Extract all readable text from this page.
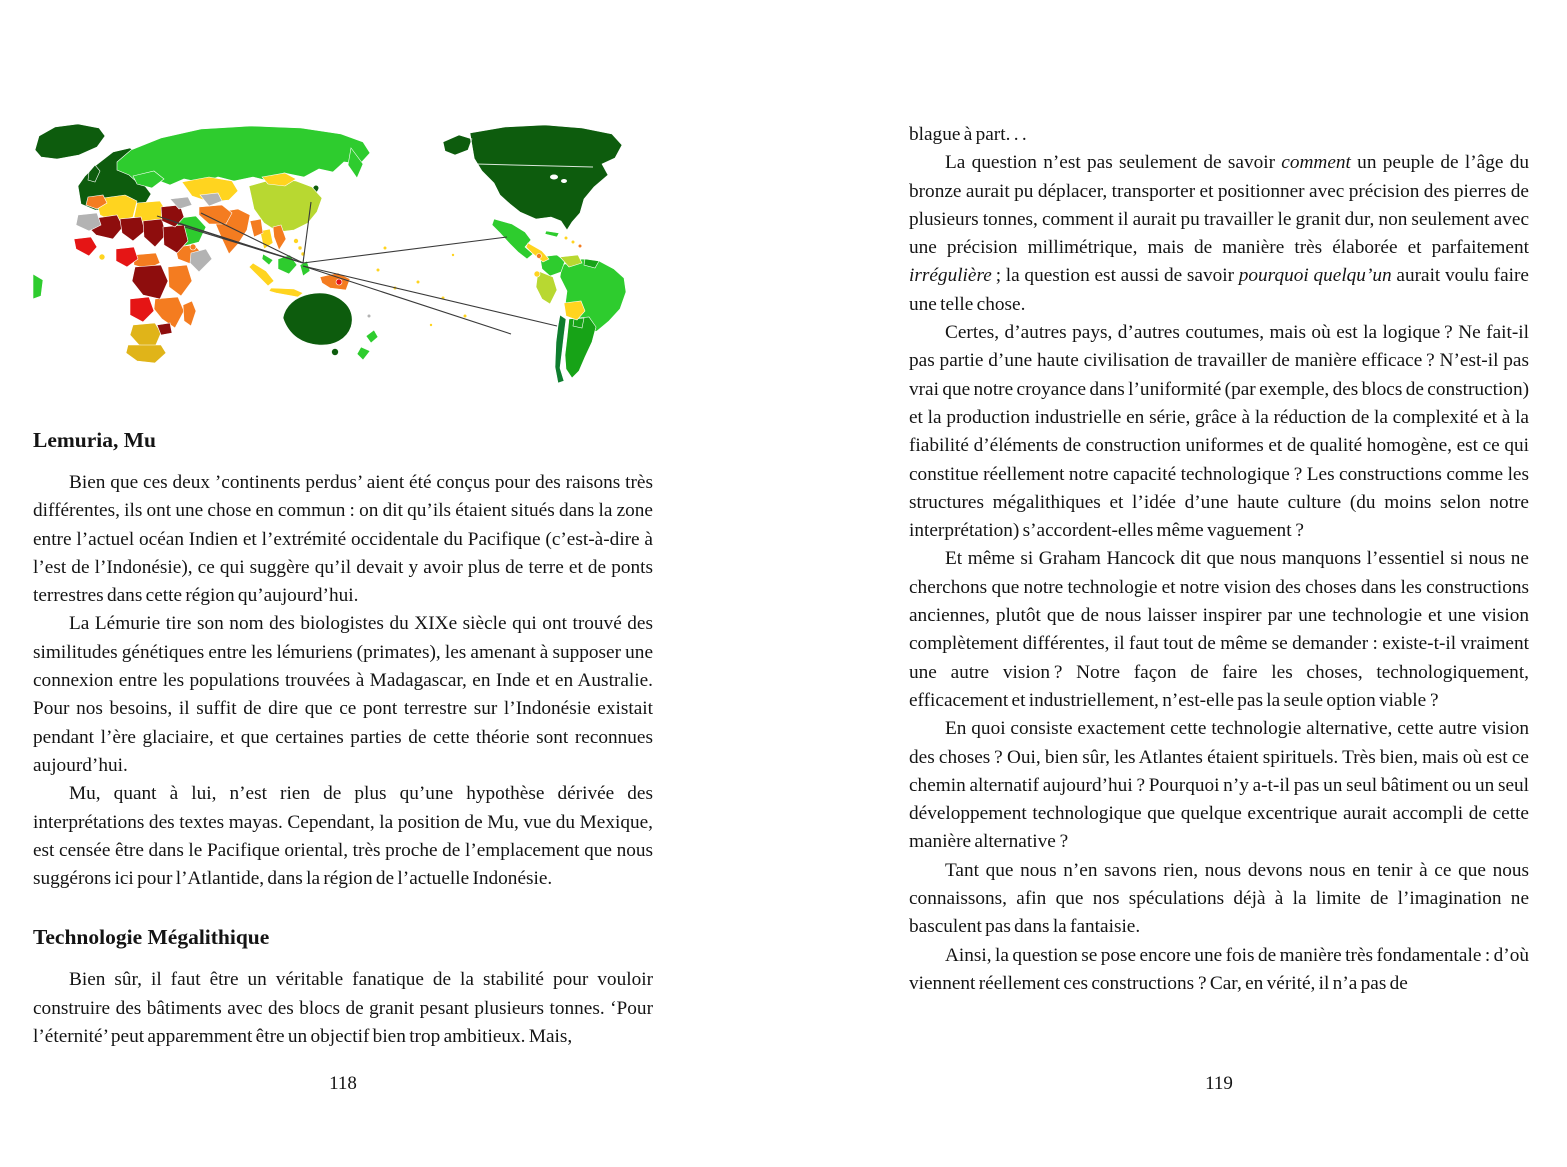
Lemuria, Mu

Bien que ces deux ’continents perdus’ aient été conçus pour des raisons très différentes, ils ont une chose en commun : on dit qu’ils étaient situés dans la zone entre l’actuel océan Indien et l’extrémité occidentale du Pacifique (c’est-à-dire à l’est de l’Indonésie), ce qui suggère qu’il devait y avoir plus de terre et de ponts terrestres dans cette région qu’aujourd’hui.

La Lémurie tire son nom des biologistes du XIXe siècle qui ont trouvé des similitudes génétiques entre les lémuriens (primates), les amenant à supposer une connexion entre les populations trouvées à Madagascar, en Inde et en Australie. Pour nos besoins, il suffit de dire que ce pont terrestre sur l’Indonésie existait pendant l’ère glaciaire, et que certaines parties de cette théorie sont reconnues aujourd’hui.

Mu, quant à lui, n’est rien de plus qu’une hypothèse dérivée des interprétations des textes mayas. Cependant, la position de Mu, vue du Mexique, est censée être dans le Pacifique oriental, très proche de l’emplacement que nous suggérons ici pour l’Atlantide, dans la région de l’actuelle Indonésie.

Technologie Mégalithique

Bien sûr, il faut être un véritable fanatique de la stabilité pour vouloir construire des bâtiments avec des blocs de granit pesant plusieurs tonnes. ‘Pour l’éternité’ peut apparemment être un objectif bien trop ambitieux. Mais,

118

blague à part. . .

La question n’est pas seulement de savoir comment un peuple de l’âge du bronze aurait pu déplacer, transporter et positionner avec précision des pierres de plusieurs tonnes, comment il aurait pu travailler le granit dur, non seulement avec une précision millimétrique, mais de manière très élaborée et parfaitement irrégulière ; la question est aussi de savoir pourquoi quelqu’un aurait voulu faire une telle chose.

Certes, d’autres pays, d’autres coutumes, mais où est la logique ? Ne fait-il pas partie d’une haute civilisation de travailler de manière efficace ? N’est-il pas vrai que notre croyance dans l’uniformité (par exemple, des blocs de construction) et la production industrielle en série, grâce à la réduction de la complexité et à la fiabilité d’éléments de construction uniformes et de qualité homogène, est ce qui constitue réellement notre capacité technologique ? Les constructions comme les structures mégalithiques et l’idée d’une haute culture (du moins selon notre interprétation) s’accordent-elles même vaguement ?

Et même si Graham Hancock dit que nous manquons l’essentiel si nous ne cherchons que notre technologie et notre vision des choses dans les constructions anciennes, plutôt que de nous laisser inspirer par une technologie et une vision complètement différentes, il faut tout de même se demander : existe-t-il vraiment une autre vision ? Notre façon de faire les choses, technologiquement, efficacement et industriellement, n’est-elle pas la seule option viable ?

En quoi consiste exactement cette technologie alternative, cette autre vision des choses ? Oui, bien sûr, les Atlantes étaient spirituels. Très bien, mais où est ce chemin alternatif aujourd’hui ? Pourquoi n’y a-t-il pas un seul bâtiment ou un seul développement technologique que quelque excentrique aurait accompli de cette manière alternative ?

Tant que nous n’en savons rien, nous devons nous en tenir à ce que nous connaissons, afin que nos spéculations déjà à la limite de l’imagination ne basculent pas dans la fantaisie.

Ainsi, la question se pose encore une fois de manière très fondamentale : d’où viennent réellement ces constructions ? Car, en vérité, il n’a pas de

119
